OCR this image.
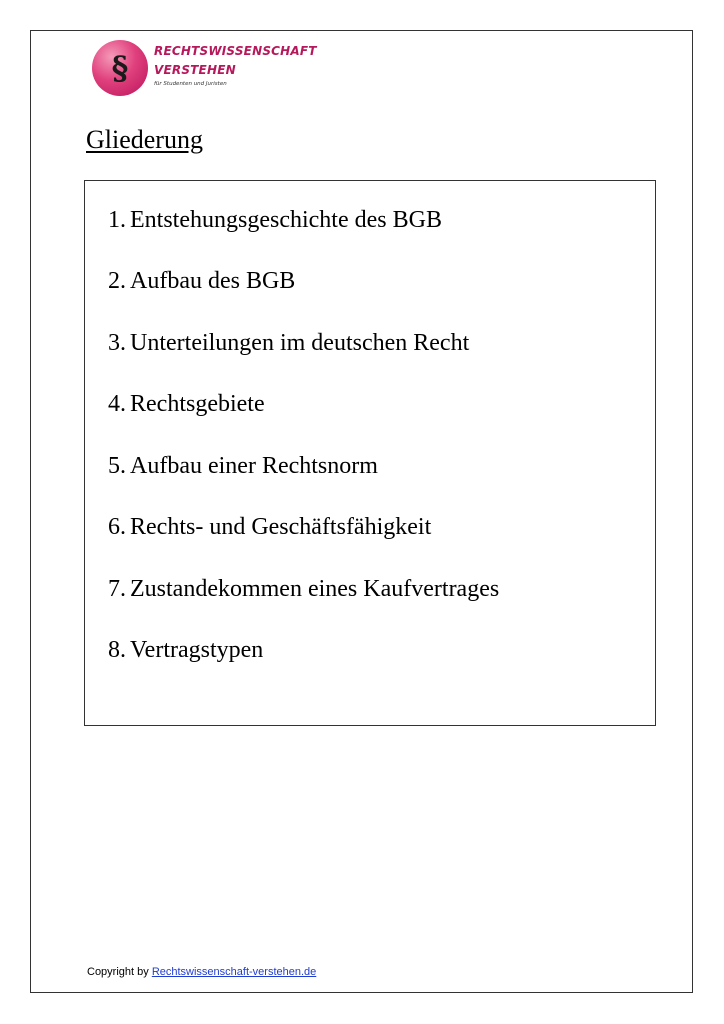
§	RECHTSWISSENSCHAFT
VERSTEHEN
für Studenten und Juristen
Gliederung
1. Entstehungsgeschichte des BGB
2. Aufbau des BGB
3. Unterteilungen im deutschen Recht
4. Rechtsgebiete
5. Aufbau einer Rechtsnorm
6. Rechts- und Geschäftsfähigkeit
7. Zustandekommen eines Kaufvertrages
8. Vertragstypen
Copyright by Rechtswissenschaft-verstehen.de
